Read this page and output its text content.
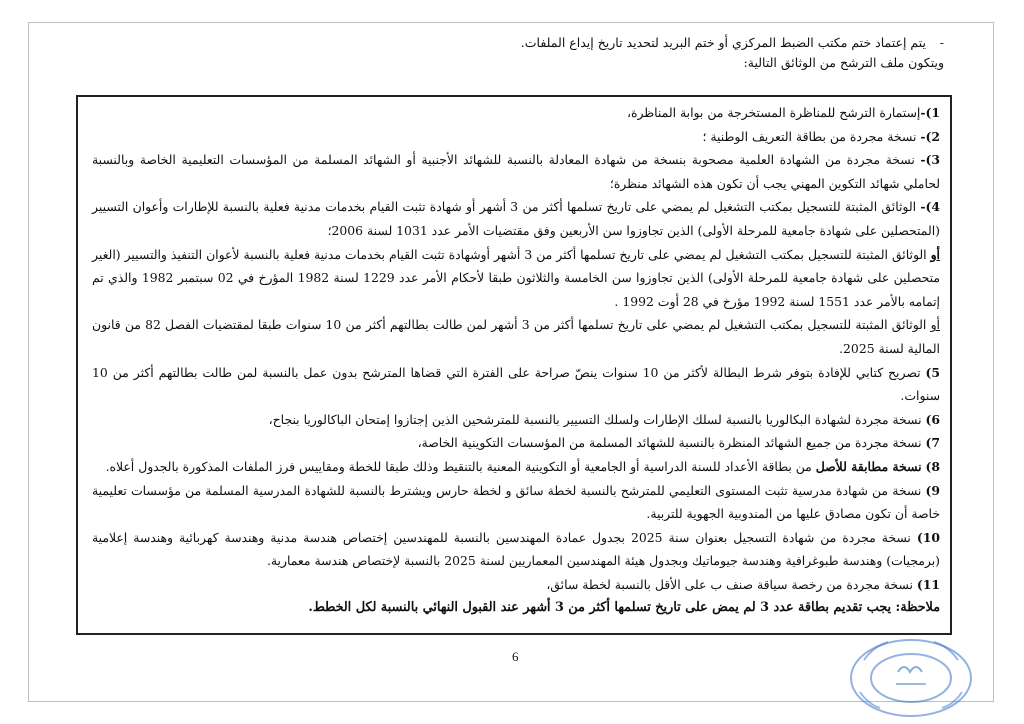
-
يتم إعتماد ختم مكتب الضبط المركزي أو ختم البريد لتحديد تاريخ إيداع الملفات.
ويتكون ملف الترشح من الوثائق التالية:

1)-إستمارة الترشح للمناظرة المستخرجة من بوابة المناظرة،

2)- نسخة مجردة من بطاقة التعريف الوطنية ؛

3)- نسخة مجردة من الشهادة العلمية مصحوبة بنسخة من شهادة المعادلة بالنسبة للشهائد الأجنبية أو الشهائد المسلمة من المؤسسات التعليمية الخاصة وبالنسبة لحاملي شهائد التكوين المهني يجب أن تكون هذه الشهائد منظرة؛

4)- الوثائق المثبتة للتسجيل بمكتب التشغيل لم يمضي على تاريخ تسلمها أكثر من 3 أشهر أو شهادة تثبت القيام بخدمات مدنية فعلية بالنسبة للإطارات وأعوان التسيير (المتحصلين على شهادة جامعية للمرحلة الأولى) الذين تجاوزوا سن الأربعين وفق مقتضيات الأمر عدد 1031 لسنة 2006؛

أو الوثائق المثبتة للتسجيل بمكتب التشغيل لم يمضي على تاريخ تسلمها أكثر من 3 أشهر أوشهادة تثبت القيام بخدمات مدنية فعلية بالنسبة لأعوان التنفيذ والتسيير (الغير متحصلين على شهادة جامعية للمرحلة الأولى) الذين تجاوزوا سن الخامسة والثلاثون طبقا لأحكام الأمر عدد 1229 لسنة 1982 المؤرخ في 02 سبتمبر 1982 والذي تم إتمامه بالأمر عدد 1551 لسنة 1992 مؤرخ في 28 أوت 1992 .

أو الوثائق المثبتة للتسجيل بمكتب التشغيل لم يمضي على تاريخ تسلمها أكثر من 3 أشهر لمن طالت بطالتهم أكثر من 10 سنوات طبقا لمقتضيات الفصل 82 من قانون المالية لسنة 2025.

5) تصريح كتابي للإفادة بتوفر شرط البطالة لأكثر من 10 سنوات ينصّ صراحة على الفترة التي قضاها المترشح بدون عمل بالنسبة لمن طالت بطالتهم أكثر من 10 سنوات.

6) نسخة مجردة لشهادة البكالوريا بالنسبة لسلك الإطارات ولسلك التسيير بالنسبة للمترشحين الذين إجتازوا إمتحان الباكالوريا بنجاح،

7) نسخة مجردة من جميع الشهائد المنظرة بالنسبة للشهائد المسلمة من المؤسسات التكوينية الخاصة،

8) نسخة مطابقة للأصل من بطاقة الأعداد للسنة الدراسية أو الجامعية أو التكوينية المعنية بالتنقيط وذلك طبقا للخطة ومقاييس فرز الملفات المذكورة بالجدول أعلاه.

9) نسخة من شهادة مدرسية تثبت المستوى التعليمي للمترشح بالنسبة لخطة سائق و لخطة حارس ويشترط بالنسبة للشهادة المدرسية المسلمة من مؤسسات تعليمية خاصة أن تكون مصادق عليها من المندوبية الجهوية للتربية.

10) نسخة مجردة من شهادة التسجيل بعنوان سنة 2025 بجدول عمادة المهندسين بالنسبة للمهندسين إختصاص هندسة مدنية وهندسة كهربائية وهندسة إعلامية (برمجيات) وهندسة طبوغرافية وهندسة جيوماتيك وبجدول هيئة المهندسين المعماريين لسنة 2025 بالنسبة لإختصاص هندسة معمارية.

11) نسخة مجردة من رخصة سياقة صنف ب على الأقل بالنسبة لخطة سائق،

ملاحظة: يجب تقديم بطاقة عدد 3 لم يمض على تاريخ تسلمها أكثر من 3 أشهر عند القبول النهائي بالنسبة لكل الخطط.

6
